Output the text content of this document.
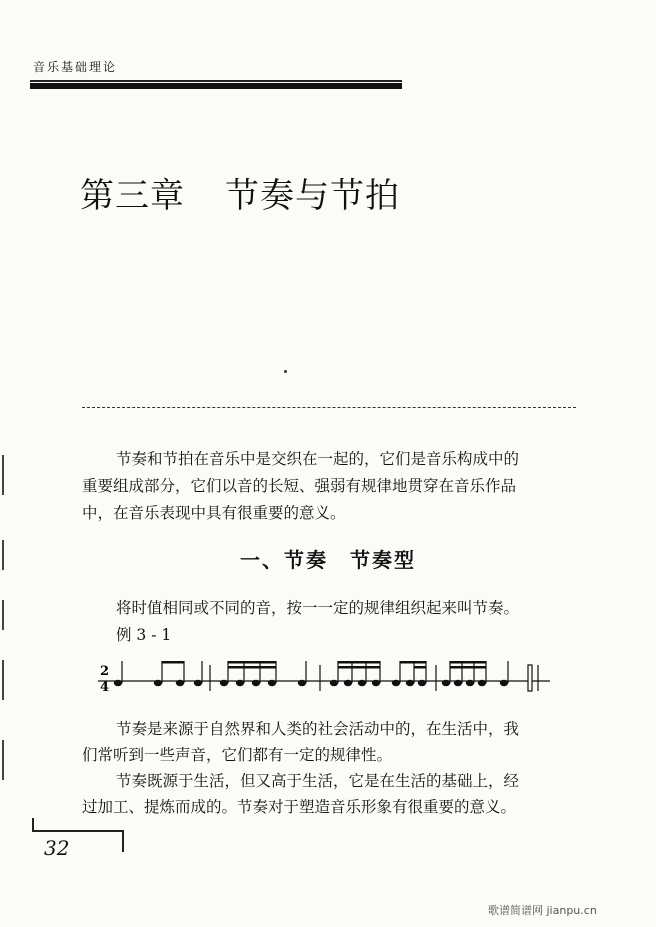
音乐基础理论
第三章 节奏与节拍
节奏和节拍在音乐中是交织在一起的，它们是音乐构成中的
重要组成部分，它们以音的长短、强弱有规律地贯穿在音乐作品
中，在音乐表现中具有很重要的意义。
一、节奏　节奏型
将时值相同或不同的音，按一一定的规律组织起来叫节奏。
例 3 - 1
2
4

节奏是来源于自然界和人类的社会活动中的，在生活中，我

们常听到一些声音，它们都有一定的规律性。

节奏既源于生活，但又高于生活，它是在生活的基础上，经

过加工、提炼而成的。节奏对于塑造音乐形象有很重要的意义。

32
歌谱简谱网 jianpu.cn
